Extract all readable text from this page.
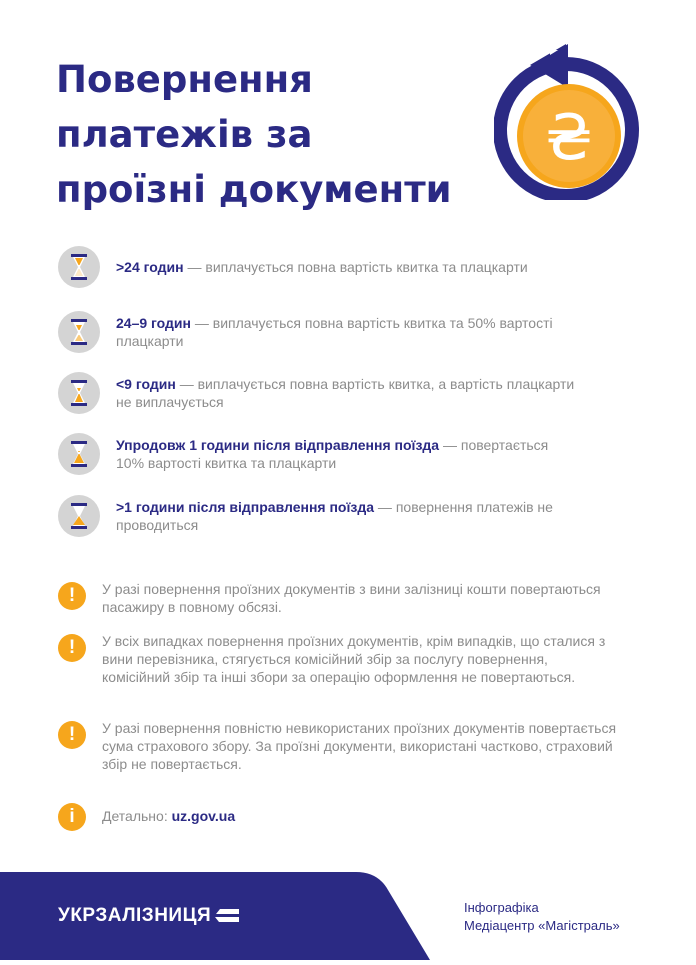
Повернення
платежів за
проїзні документи
₴
>24 годин — виплачується повна вартість квитка та плацкарти
24–9 годин — виплачується повна вартість квитка та 50% вартості плацкарти
<9 годин — виплачується повна вартість квитка, а вартість плацкарти не виплачується
Упродовж 1 години після відправлення поїзда — повертається 10% вартості квитка та плацкарти
>1 години після відправлення поїзда — повернення платежів не проводиться
!	У разі повернення проїзних документів з вини залізниці кошти повертаються пасажиру в повному обсязі.
!	У всіх випадках повернення проїзних документів, крім випадків, що сталися з вини перевізника, стягується комісійний збір за послугу повернення, комісійний збір та інші збори за операцію оформлення не повертаються.
!	У разі повернення повністю невикористаних проїзних документів повертається сума страхового збору. За проїзні документи, використані частково, страховий збір не повертається.
i	Детально: uz.gov.ua
УКРЗАЛІЗНИЦЯ	Інфографіка
Медіацентр «Магістраль»
